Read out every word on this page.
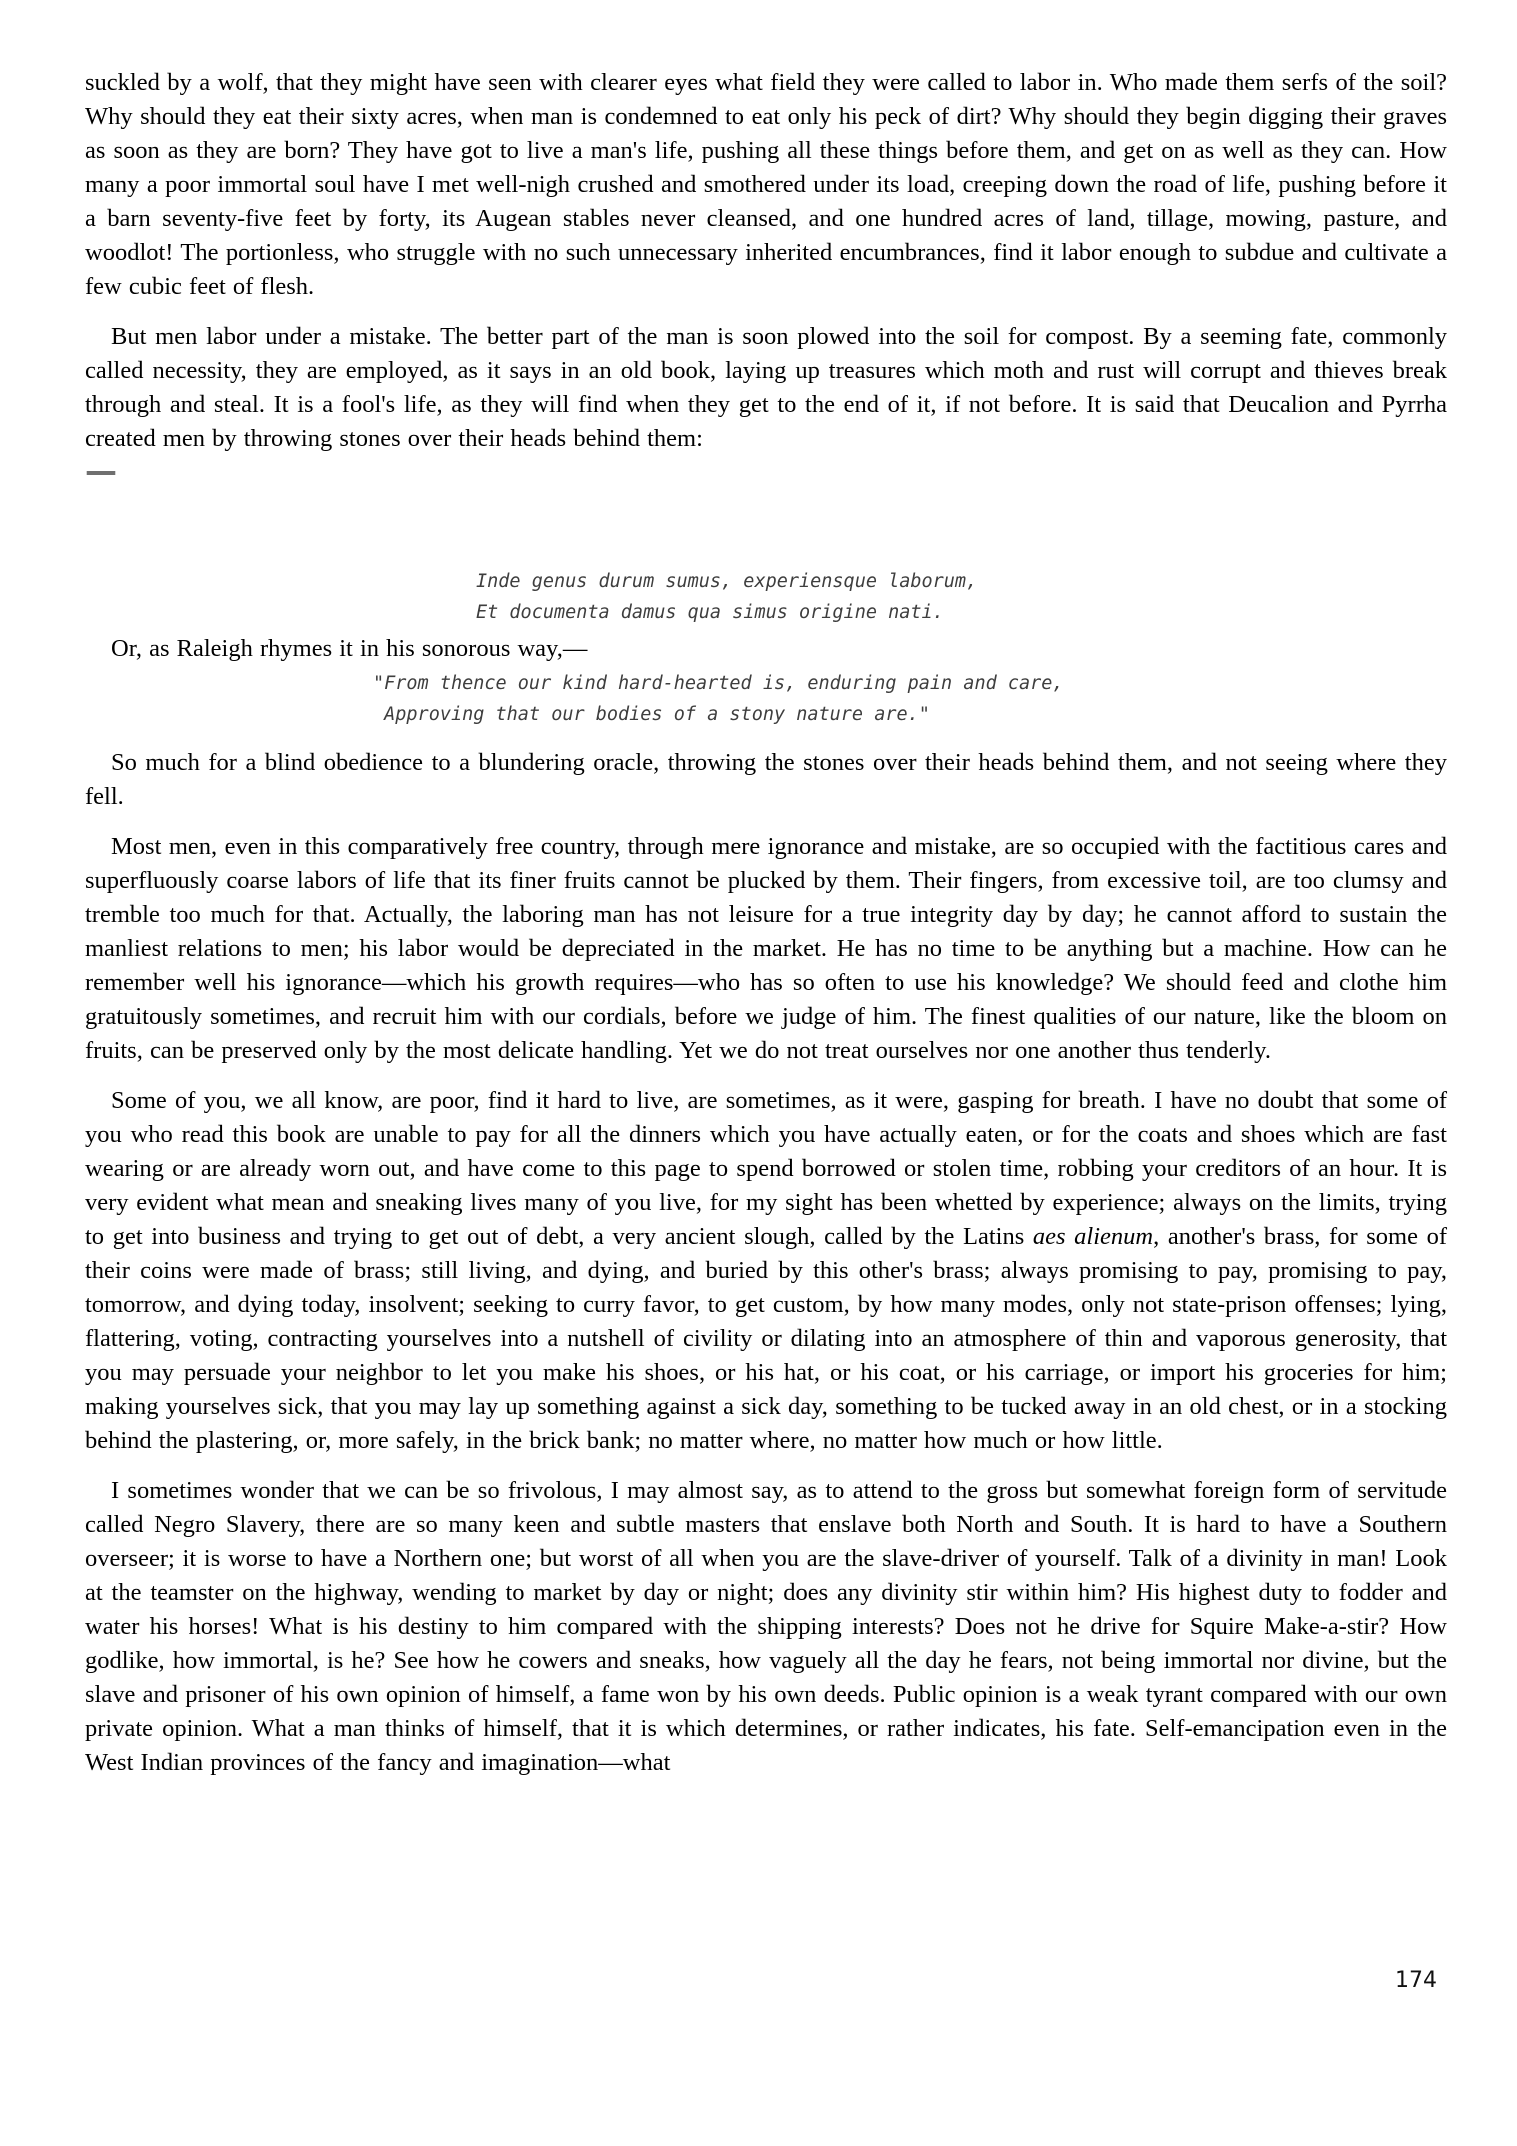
suckled by a wolf, that they might have seen with clearer eyes what field they were called to labor in. Who made them serfs of the soil? Why should they eat their sixty acres, when man is condemned to eat only his peck of dirt? Why should they begin digging their graves as soon as they are born? They have got to live a man's life, pushing all these things before them, and get on as well as they can. How many a poor immortal soul have I met well-nigh crushed and smothered under its load, creeping down the road of life, pushing before it a barn seventy-five feet by forty, its Augean stables never cleansed, and one hundred acres of land, tillage, mowing, pasture, and woodlot! The portionless, who struggle with no such unnecessary inherited encumbrances, find it labor enough to subdue and cultivate a few cubic feet of flesh.

But men labor under a mistake. The better part of the man is soon plowed into the soil for compost. By a seeming fate, commonly called necessity, they are employed, as it says in an old book, laying up treasures which moth and rust will corrupt and thieves break through and steal. It is a fool's life, as they will find when they get to the end of it, if not before. It is said that Deucalion and Pyrrha created men by throwing stones over their heads behind them:

—
Inde genus durum sumus, experiensque laborum,
Et documenta damus qua simus origine nati.

Or, as Raleigh rhymes it in his sonorous way,—

"From thence our kind hard-hearted is, enduring pain and care,
Approving that our bodies of a stony nature are."

So much for a blind obedience to a blundering oracle, throwing the stones over their heads behind them, and not seeing where they fell.

Most men, even in this comparatively free country, through mere ignorance and mistake, are so occupied with the factitious cares and superfluously coarse labors of life that its finer fruits cannot be plucked by them. Their fingers, from excessive toil, are too clumsy and tremble too much for that. Actually, the laboring man has not leisure for a true integrity day by day; he cannot afford to sustain the manliest relations to men; his labor would be depreciated in the market. He has no time to be anything but a machine. How can he remember well his ignorance—which his growth requires—who has so often to use his knowledge? We should feed and clothe him gratuitously sometimes, and recruit him with our cordials, before we judge of him. The finest qualities of our nature, like the bloom on fruits, can be preserved only by the most delicate handling. Yet we do not treat ourselves nor one another thus tenderly.

Some of you, we all know, are poor, find it hard to live, are sometimes, as it were, gasping for breath. I have no doubt that some of you who read this book are unable to pay for all the dinners which you have actually eaten, or for the coats and shoes which are fast wearing or are already worn out, and have come to this page to spend borrowed or stolen time, robbing your creditors of an hour. It is very evident what mean and sneaking lives many of you live, for my sight has been whetted by experience; always on the limits, trying to get into business and trying to get out of debt, a very ancient slough, called by the Latins aes alienum, another's brass, for some of their coins were made of brass; still living, and dying, and buried by this other's brass; always promising to pay, promising to pay, tomorrow, and dying today, insolvent; seeking to curry favor, to get custom, by how many modes, only not state-prison offenses; lying, flattering, voting, contracting yourselves into a nutshell of civility or dilating into an atmosphere of thin and vaporous generosity, that you may persuade your neighbor to let you make his shoes, or his hat, or his coat, or his carriage, or import his groceries for him; making yourselves sick, that you may lay up something against a sick day, something to be tucked away in an old chest, or in a stocking behind the plastering, or, more safely, in the brick bank; no matter where, no matter how much or how little.

I sometimes wonder that we can be so frivolous, I may almost say, as to attend to the gross but somewhat foreign form of servitude called Negro Slavery, there are so many keen and subtle masters that enslave both North and South. It is hard to have a Southern overseer; it is worse to have a Northern one; but worst of all when you are the slave-driver of yourself. Talk of a divinity in man! Look at the teamster on the highway, wending to market by day or night; does any divinity stir within him? His highest duty to fodder and water his horses! What is his destiny to him compared with the shipping interests? Does not he drive for Squire Make-a-stir? How godlike, how immortal, is he? See how he cowers and sneaks, how vaguely all the day he fears, not being immortal nor divine, but the slave and prisoner of his own opinion of himself, a fame won by his own deeds. Public opinion is a weak tyrant compared with our own private opinion. What a man thinks of himself, that it is which determines, or rather indicates, his fate. Self-emancipation even in the West Indian provinces of the fancy and imagination—what

174
